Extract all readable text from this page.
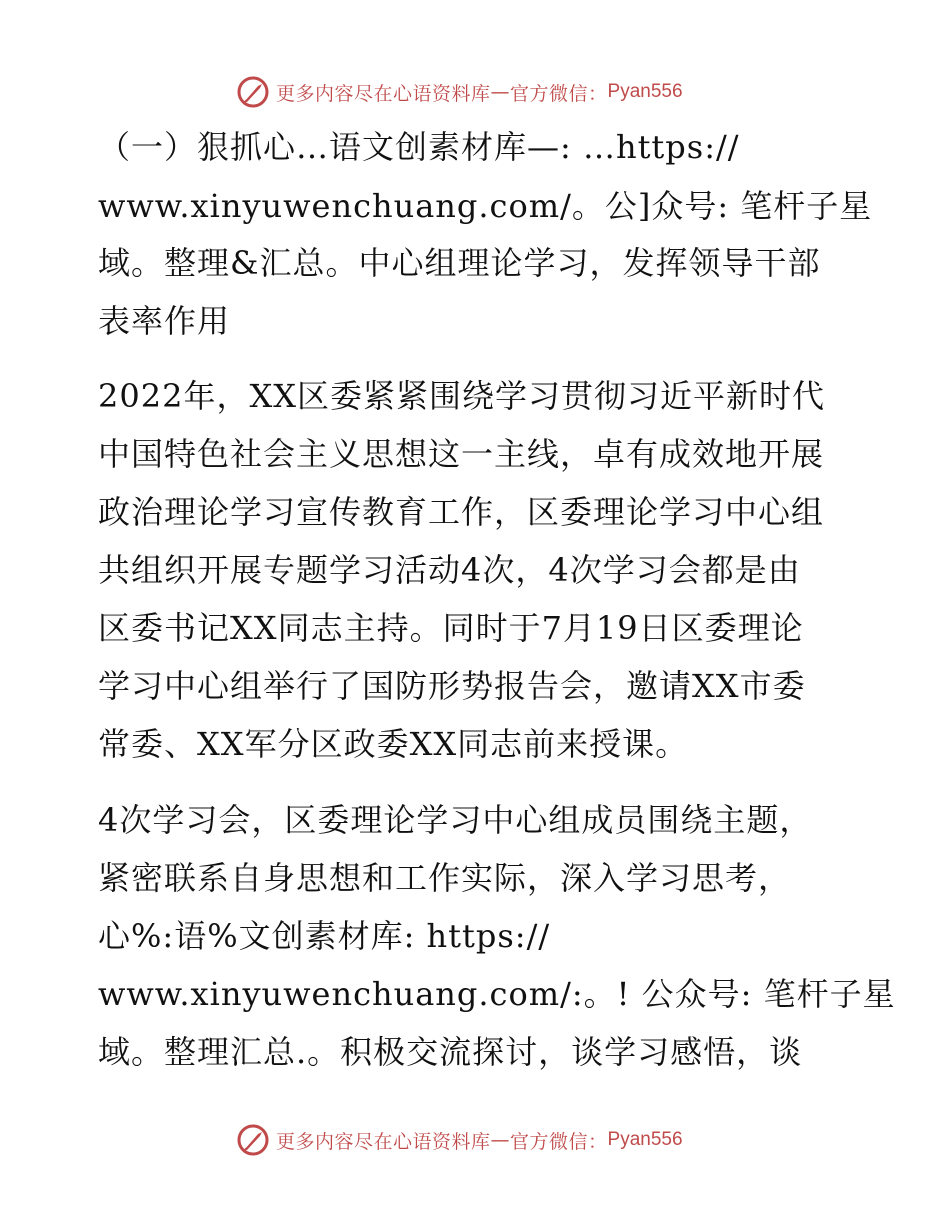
更多内容尽在心语资料库 — 官方微信： Pyan556
（一）狠抓心…语文创素材库—: …https://
www.xinyuwenchuang.com/。公]众号: 笔杆子星
域。整理&汇总。中心组理论学习，发挥领导干部
表率作用
2022年，XX区委紧紧围绕学习贯彻习近平新时代
中国特色社会主义思想这一主线，卓有成效地开展
政治理论学习宣传教育工作，区委理论学习中心组
共组织开展专题学习活动4次，4次学习会都是由
区委书记XX同志主持。同时于7月19日区委理论
学习中心组举行了国防形势报告会，邀请XX市委
常委、XX军分区政委XX同志前来授课。
4次学习会，区委理论学习中心组成员围绕主题，
紧密联系自身思想和工作实际，深入学习思考，
心%:语%文创素材库: https://
www.xinyuwenchuang.com/:。! 公众号: 笔杆子星
域。整理汇总.。积极交流探讨，谈学习感悟，谈
更多内容尽在心语资料库 — 官方微信： Pyan556
